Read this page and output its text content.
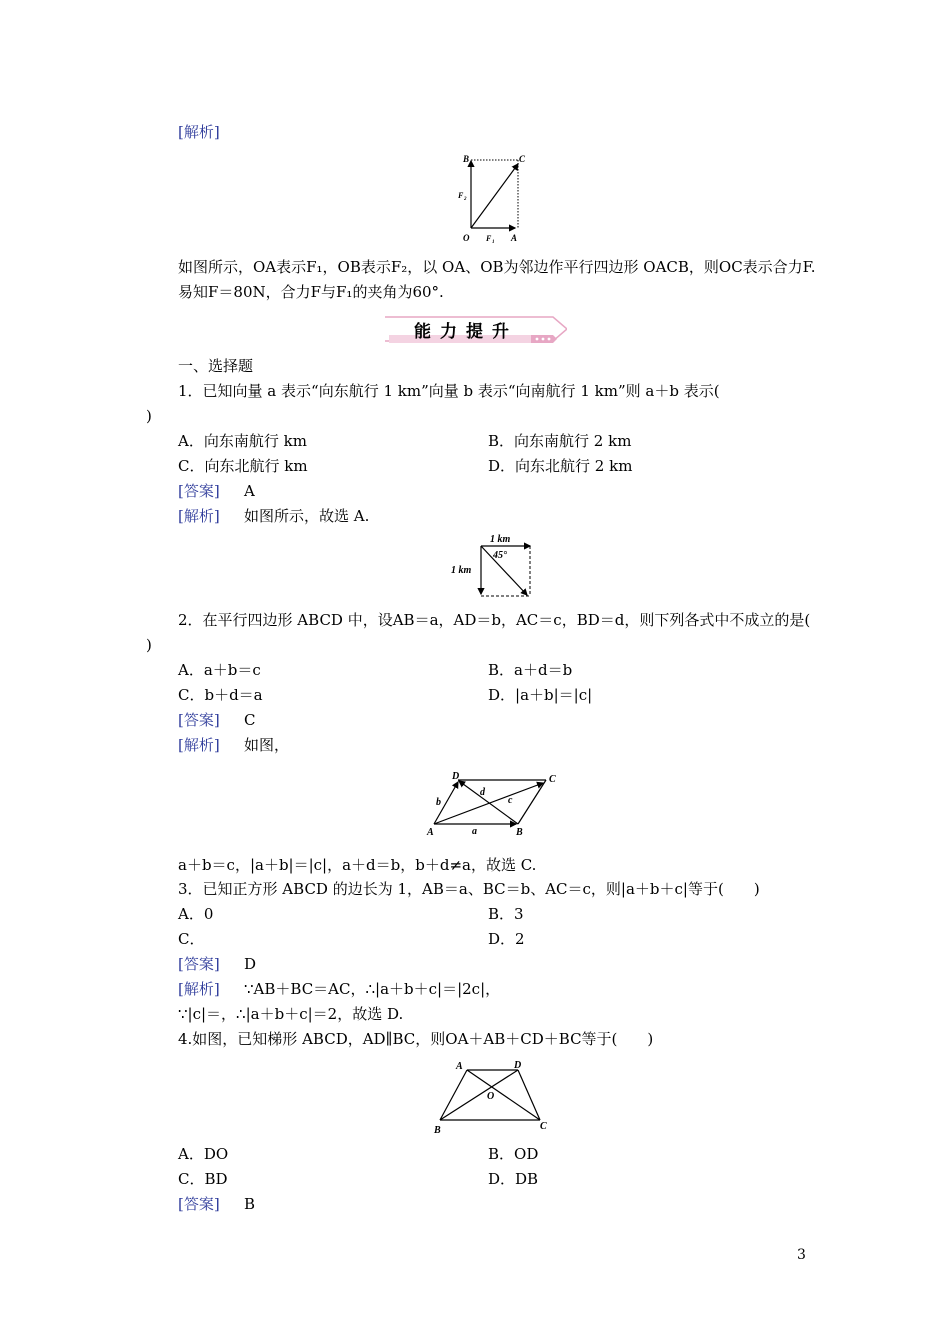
[解析]
B	C
F 2
O F 1 A
如图所示，OA表示F₁，OB表示F₂，以 OA、OB为邻边作平行四边形 OACB，则OC表示合力F.
易知F＝80N，合力F与F₁的夹角为60°.
能力提升
一、选择题
1．已知向量 a 表示“向东航行 1 km”向量 b 表示“向南航行 1 km”则 a＋b 表示(
)
A．向东南航行 km	B．向东南航行 2 km
C．向东北航行 km	D．向东北航行 2 km
[答案] A
[解析] 如图所示，故选 A.
1 km
1 km
45°
2．在平行四边形 ABCD 中，设AB＝a，AD＝b，AC＝c，BD＝d，则下列各式中不成立的是(
)
A．a＋b＝c	B．a＋d＝b
C．b＋d＝a	D．|a＋b|＝|c|
[答案] C
[解析] 如图，
D	C
A	B
a
b	c
d
a＋b＝c，|a＋b|＝|c|，a＋d＝b，b＋d≠a，故选 C.
3．已知正方形 ABCD 的边长为 1，AB＝a、BC＝b、AC＝c，则|a＋b＋c|等于(　　)
A．0	B．3
C．	D．2
[答案] D
[解析] ∵AB＋BC＝AC，∴|a＋b＋c|＝|2c|，
∵|c|＝，∴|a＋b＋c|＝2，故选 D.
4.如图，已知梯形 ABCD，AD∥BC，则OA＋AB＋CD＋BC等于(　　)
A	D
O
B	C
A．DO	B．OD
C．BD	D．DB
[答案] B
3
